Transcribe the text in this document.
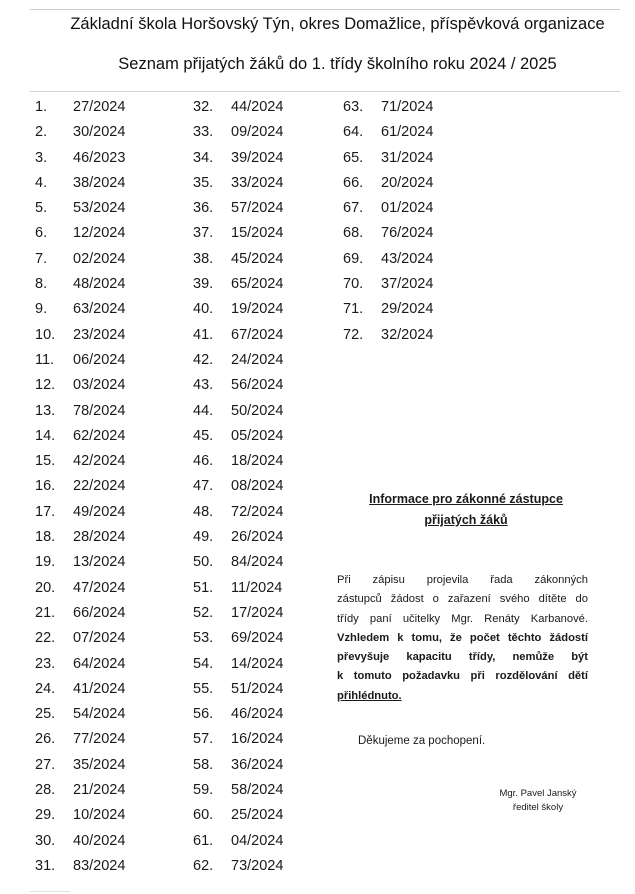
Základní škola Horšovský Týn, okres Domažlice, příspěvková organizace
Seznam přijatých žáků do 1. třídy školního roku 2024 / 2025
1. 27/2024
2. 30/2024
3. 46/2023
4. 38/2024
5. 53/2024
6. 12/2024
7. 02/2024
8. 48/2024
9. 63/2024
10. 23/2024
11. 06/2024
12. 03/2024
13. 78/2024
14. 62/2024
15. 42/2024
16. 22/2024
17. 49/2024
18. 28/2024
19. 13/2024
20. 47/2024
21. 66/2024
22. 07/2024
23. 64/2024
24. 41/2024
25. 54/2024
26. 77/2024
27. 35/2024
28. 21/2024
29. 10/2024
30. 40/2024
31. 83/2024
32. 44/2024
33. 09/2024
34. 39/2024
35. 33/2024
36. 57/2024
37. 15/2024
38. 45/2024
39. 65/2024
40. 19/2024
41. 67/2024
42. 24/2024
43. 56/2024
44. 50/2024
45. 05/2024
46. 18/2024
47. 08/2024
48. 72/2024
49. 26/2024
50. 84/2024
51. 11/2024
52. 17/2024
53. 69/2024
54. 14/2024
55. 51/2024
56. 46/2024
57. 16/2024
58. 36/2024
59. 58/2024
60. 25/2024
61. 04/2024
62. 73/2024
63. 71/2024
64. 61/2024
65. 31/2024
66. 20/2024
67. 01/2024
68. 76/2024
69. 43/2024
70. 37/2024
71. 29/2024
72. 32/2024
Informace pro zákonné zástupce
přijatých žáků
Při zápisu projevila řada zákonných
zástupců žádost o zařazení svého dítěte do
třídy paní učitelky Mgr. Renáty Karbanové.
Vzhledem k tomu, že počet těchto žádostí
převyšuje kapacitu třídy, nemůže být
k tomuto požadavku při rozdělování dětí
přihlédnuto.
Děkujeme za pochopení.
Mgr. Pavel Janský
ředitel školy
